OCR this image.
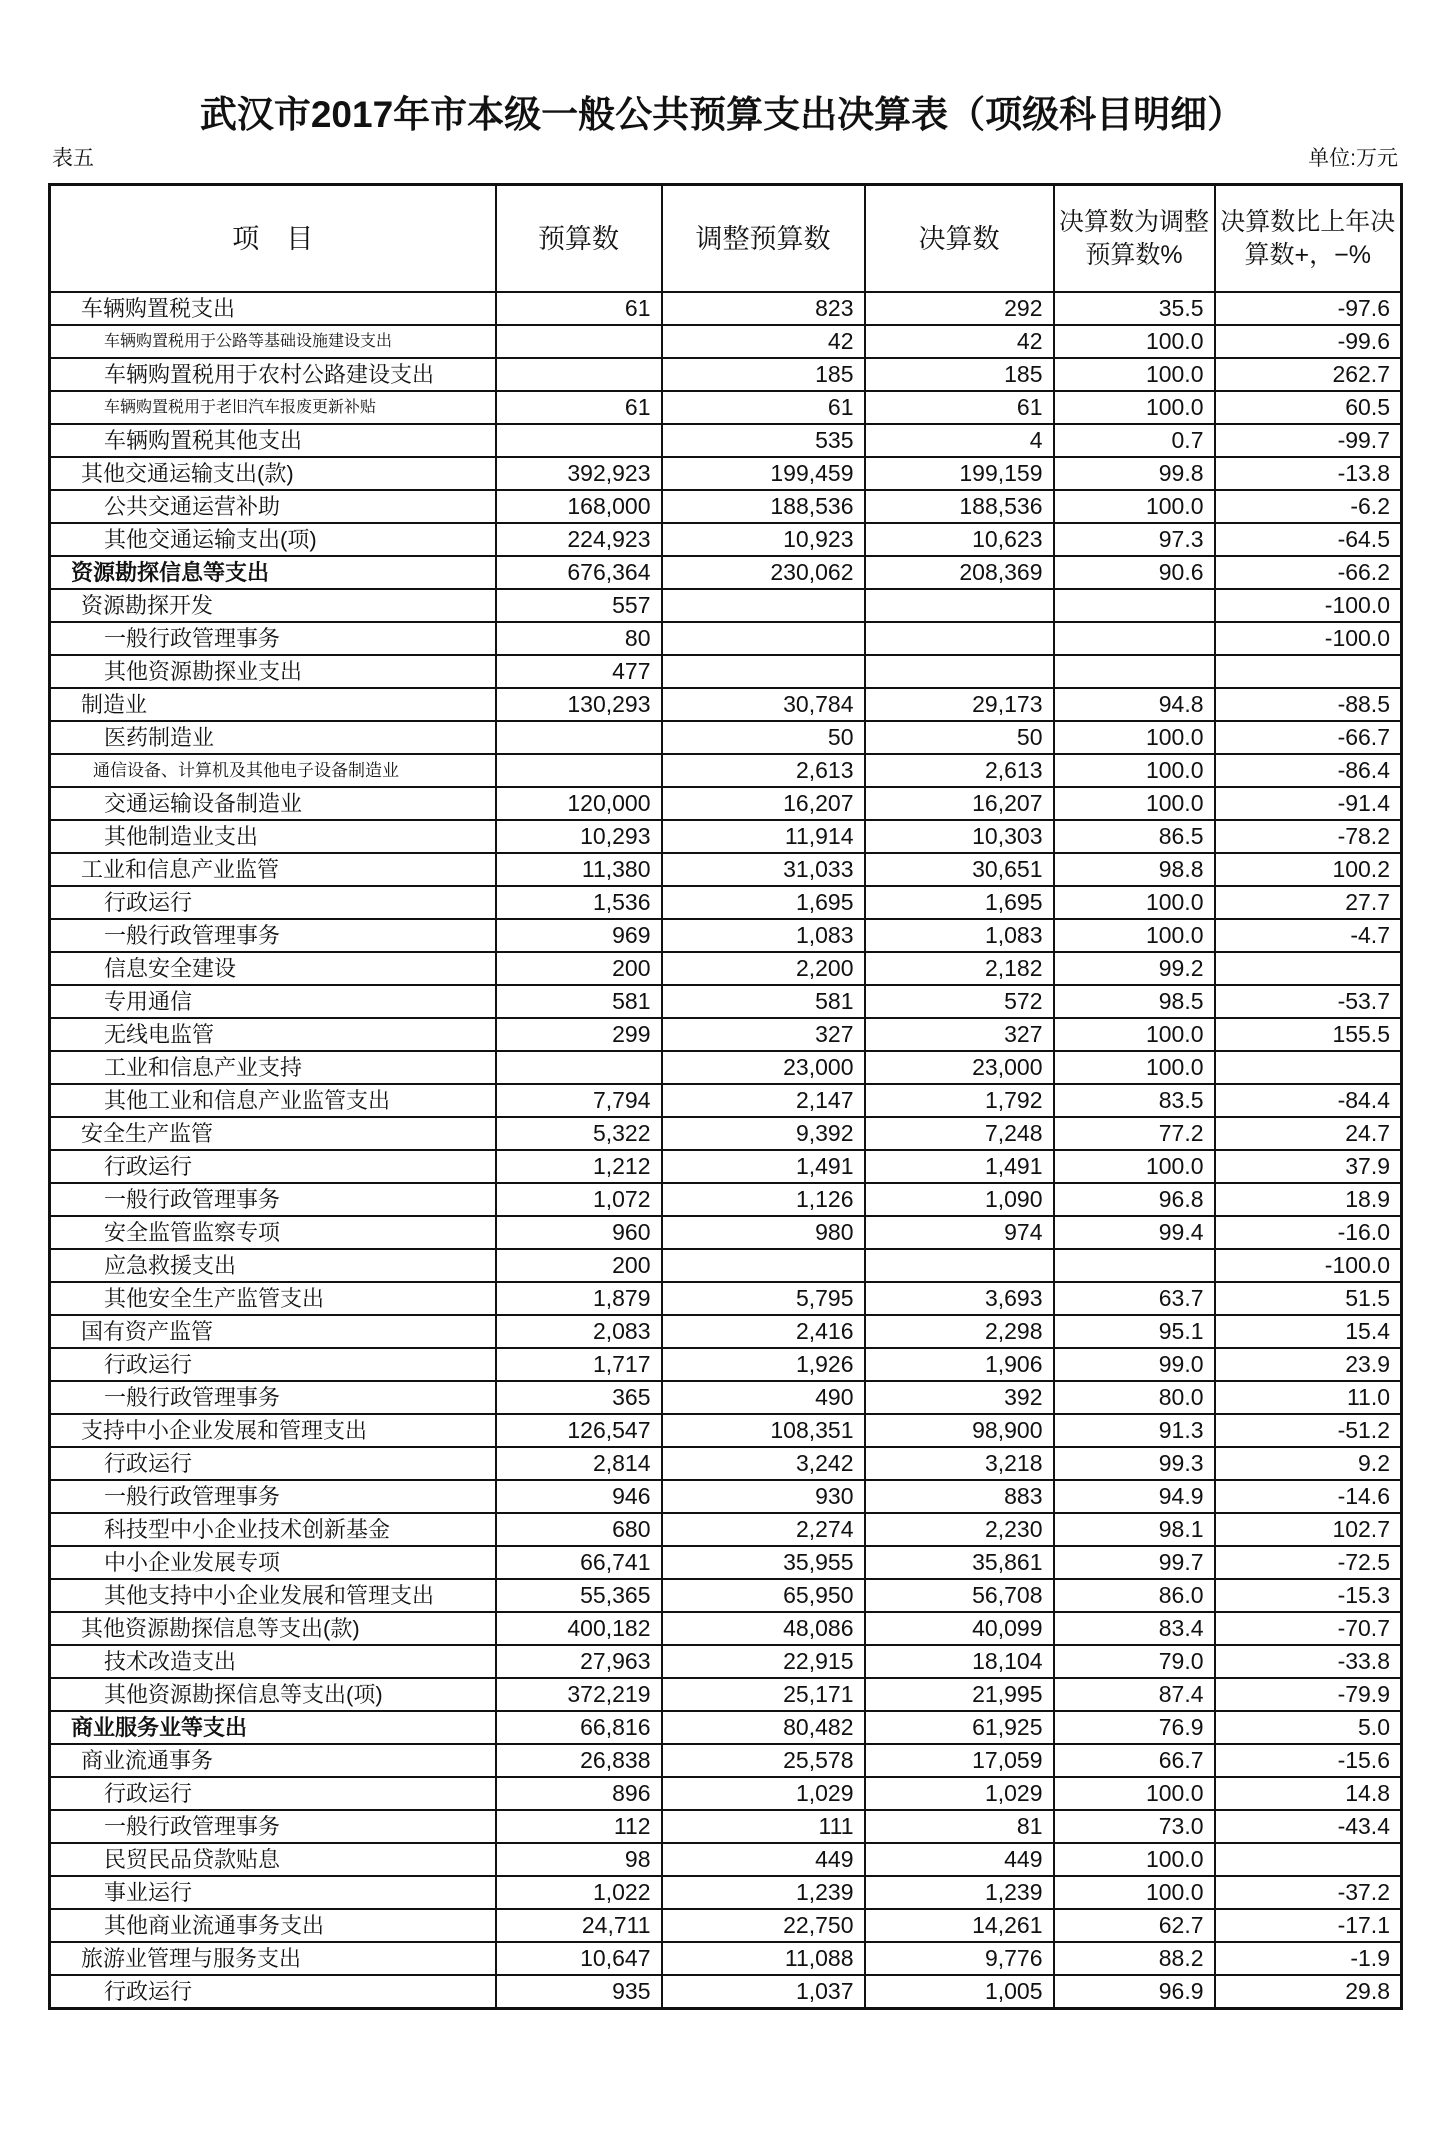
武汉市2017年市本级一般公共预算支出决算表（项级科目明细）
表五	单位:万元
项　目	预算数	调整预算数	决算数	决算数为调整预算数%	决算数比上年决算数+，−%
车辆购置税支出	61	823	292	35.5	-97.6
车辆购置税用于公路等基础设施建设支出		42	42	100.0	-99.6
车辆购置税用于农村公路建设支出		185	185	100.0	262.7
车辆购置税用于老旧汽车报废更新补贴	61	61	61	100.0	60.5
车辆购置税其他支出		535	4	0.7	-99.7
其他交通运输支出(款)	392,923	199,459	199,159	99.8	-13.8
公共交通运营补助	168,000	188,536	188,536	100.0	-6.2
其他交通运输支出(项)	224,923	10,923	10,623	97.3	-64.5
资源勘探信息等支出	676,364	230,062	208,369	90.6	-66.2
资源勘探开发	557				-100.0
一般行政管理事务	80				-100.0
其他资源勘探业支出	477				
制造业	130,293	30,784	29,173	94.8	-88.5
医药制造业		50	50	100.0	-66.7
通信设备、计算机及其他电子设备制造业		2,613	2,613	100.0	-86.4
交通运输设备制造业	120,000	16,207	16,207	100.0	-91.4
其他制造业支出	10,293	11,914	10,303	86.5	-78.2
工业和信息产业监管	11,380	31,033	30,651	98.8	100.2
行政运行	1,536	1,695	1,695	100.0	27.7
一般行政管理事务	969	1,083	1,083	100.0	-4.7
信息安全建设	200	2,200	2,182	99.2	
专用通信	581	581	572	98.5	-53.7
无线电监管	299	327	327	100.0	155.5
工业和信息产业支持		23,000	23,000	100.0	
其他工业和信息产业监管支出	7,794	2,147	1,792	83.5	-84.4
安全生产监管	5,322	9,392	7,248	77.2	24.7
行政运行	1,212	1,491	1,491	100.0	37.9
一般行政管理事务	1,072	1,126	1,090	96.8	18.9
安全监管监察专项	960	980	974	99.4	-16.0
应急救援支出	200				-100.0
其他安全生产监管支出	1,879	5,795	3,693	63.7	51.5
国有资产监管	2,083	2,416	2,298	95.1	15.4
行政运行	1,717	1,926	1,906	99.0	23.9
一般行政管理事务	365	490	392	80.0	11.0
支持中小企业发展和管理支出	126,547	108,351	98,900	91.3	-51.2
行政运行	2,814	3,242	3,218	99.3	9.2
一般行政管理事务	946	930	883	94.9	-14.6
科技型中小企业技术创新基金	680	2,274	2,230	98.1	102.7
中小企业发展专项	66,741	35,955	35,861	99.7	-72.5
其他支持中小企业发展和管理支出	55,365	65,950	56,708	86.0	-15.3
其他资源勘探信息等支出(款)	400,182	48,086	40,099	83.4	-70.7
技术改造支出	27,963	22,915	18,104	79.0	-33.8
其他资源勘探信息等支出(项)	372,219	25,171	21,995	87.4	-79.9
商业服务业等支出	66,816	80,482	61,925	76.9	5.0
商业流通事务	26,838	25,578	17,059	66.7	-15.6
行政运行	896	1,029	1,029	100.0	14.8
一般行政管理事务	112	111	81	73.0	-43.4
民贸民品贷款贴息	98	449	449	100.0	
事业运行	1,022	1,239	1,239	100.0	-37.2
其他商业流通事务支出	24,711	22,750	14,261	62.7	-17.1
旅游业管理与服务支出	10,647	11,088	9,776	88.2	-1.9
行政运行	935	1,037	1,005	96.9	29.8
